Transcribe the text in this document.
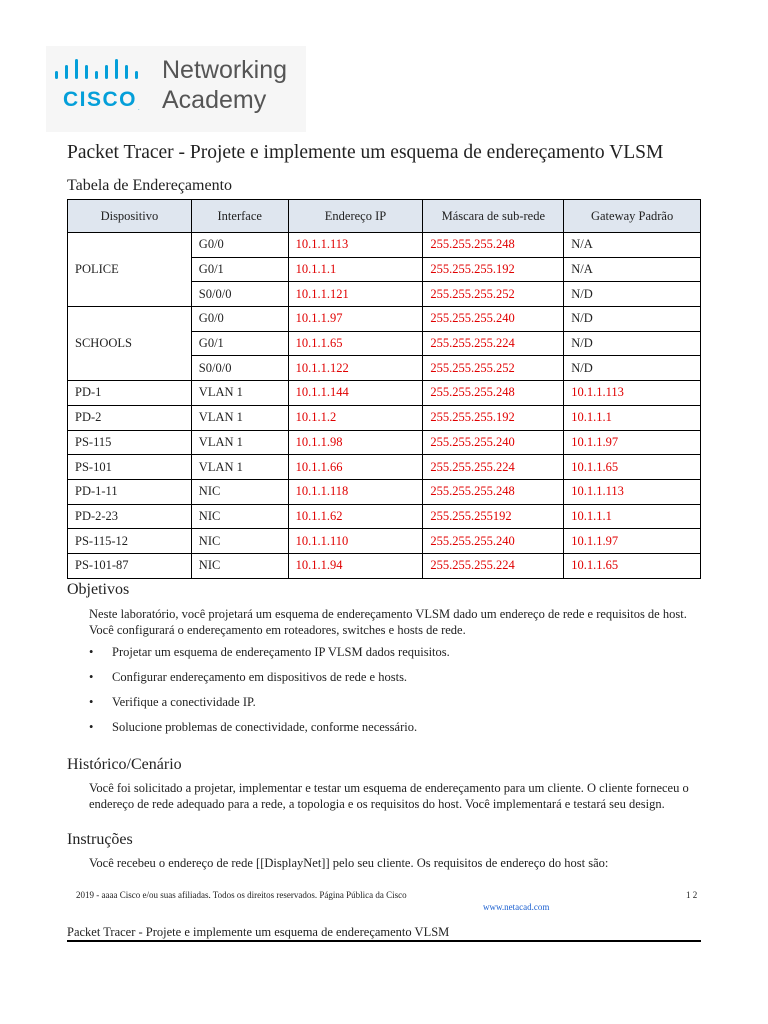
CISCO.
Networking
Academy
Packet Tracer - Projete e implemente um esquema de endereçamento VLSM
Tabela de Endereçamento
Dispositivo	Interface	Endereço IP	Máscara de sub-rede	Gateway Padrão
POLICE	G0/0	10.1.1.113	255.255.255.248	N/A
	G0/1	10.1.1.1	255.255.255.192	N/A
	S0/0/0	10.1.1.121	255.255.255.252	N/D
SCHOOLS	G0/0	10.1.1.97	255.255.255.240	N/D
	G0/1	10.1.1.65	255.255.255.224	N/D
	S0/0/0	10.1.1.122	255.255.255.252	N/D
PD-1	VLAN 1	10.1.1.144	255.255.255.248	10.1.1.113
PD-2	VLAN 1	10.1.1.2	255.255.255.192	10.1.1.1
PS-115	VLAN 1	10.1.1.98	255.255.255.240	10.1.1.97
PS-101	VLAN 1	10.1.1.66	255.255.255.224	10.1.1.65
PD-1-11	NIC	10.1.1.118	255.255.255.248	10.1.1.113
PD-2-23	NIC	10.1.1.62	255.255.255192	10.1.1.1
PS-115-12	NIC	10.1.1.110	255.255.255.240	10.1.1.97
PS-101-87	NIC	10.1.1.94	255.255.255.224	10.1.1.65
Objetivos

Neste laboratório, você projetará um esquema de endereçamento VLSM dado um endereço de rede e requisitos de host. Você configurará o endereçamento em roteadores, switches e hosts de rede.

• Projetar um esquema de endereçamento IP VLSM dados requisitos.
• Configurar endereçamento em dispositivos de rede e hosts.
• Verifique a conectividade IP.
• Solucione problemas de conectividade, conforme necessário.
Histórico/Cenário

Você foi solicitado a projetar, implementar e testar um esquema de endereçamento para um cliente. O cliente forneceu o endereço de rede adequado para a rede, a topologia e os requisitos do host. Você implementará e testará seu design.

Instruções

Você recebeu o endereço de rede [[DisplayNet]] pelo seu cliente. Os requisitos de endereço do host são:

2019 - aaaa Cisco e/ou suas afiliadas. Todos os direitos reservados. Página Pública da Cisco	1 2
www.netacad.com
Packet Tracer - Projete e implemente um esquema de endereçamento VLSM
